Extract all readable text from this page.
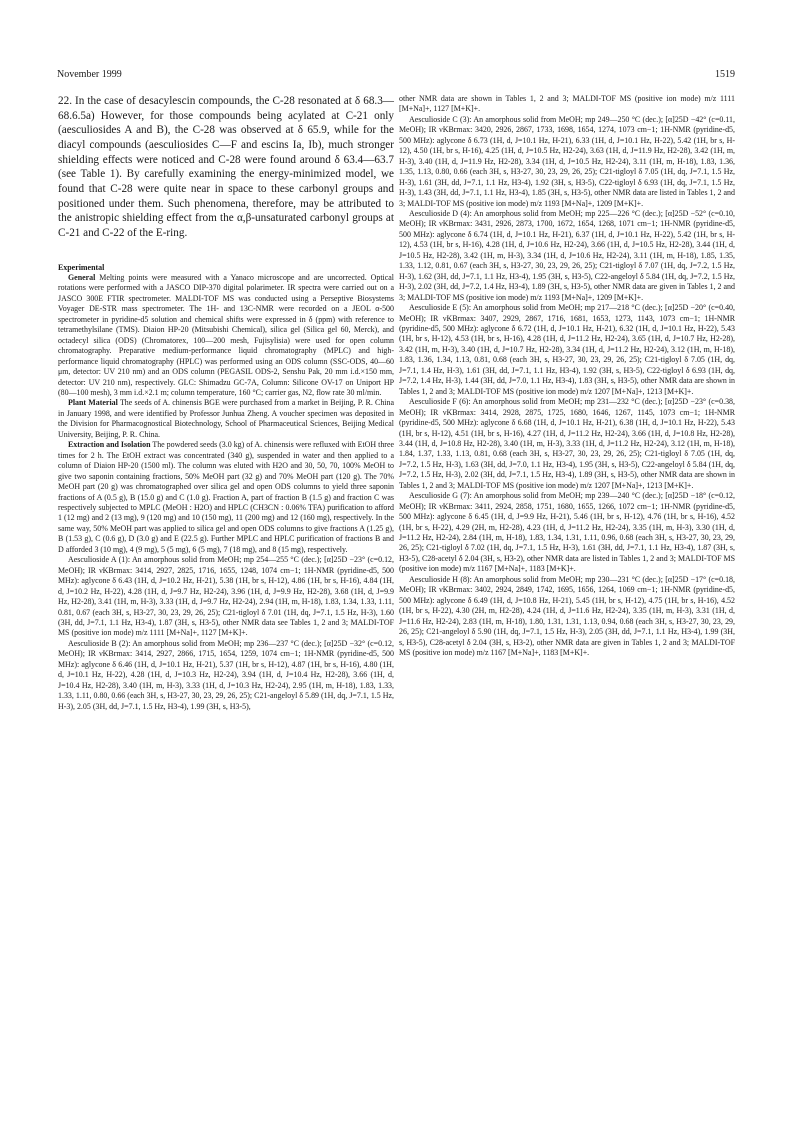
November 1999	1519
22. In the case of desacylescin compounds, the C-28 resonated at δ 68.3—68.6.5a) However, for those compounds being acylated at C-21 only (aesculiosides A and B), the C-28 was observed at δ 65.9, while for the diacyl compounds (aesculiosides C—F and escins Ia, Ib), much stronger shielding effects were noticed and C-28 were found around δ 63.4—63.7 (see Table 1). By carefully examining the energy-minimized model, we found that C-28 were quite near in space to these carbonyl groups and positioned under them. Such phenomena, therefore, may be attributed to the anistropic shielding effect from the α,β-unsaturated carbonyl groups at C-21 and C-22 of the E-ring.
Experimental

General Melting points were measured with a Yanaco microscope and are uncorrected. Optical rotations were performed with a JASCO DIP-370 digital polarimeter. IR spectra were carried out on a JASCO 300E FTIR spectrometer. MALDI-TOF MS was conducted using a Perseptive Biosystems Voyager DE-STR mass spectrometer. The 1H- and 13C-NMR were recorded on a JEOL α-500 spectrometer in pyridine-d5 solution and chemical shifts were expressed in δ (ppm) with reference to tetramethylsilane (TMS). Diaion HP-20 (Mitsubishi Chemical), silica gel (Silica gel 60, Merck), and octadecyl silica (ODS) (Chromatorex, 100—200 mesh, Fujisylisia) were used for open column chromatography. Preparative medium-performance liquid chromatography (MPLC) and high-performance liquid chromatography (HPLC) was performed using an ODS column (SSC-ODS, 40—60 μm, detector: UV 210 nm) and an ODS column (PEGASIL ODS-2, Senshu Pak, 20 mm i.d.×150 mm, detector: UV 210 nm), respectively. GLC: Shimadzu GC-7A, Column: Silicone OV-17 on Uniport HP (80—100 mesh), 3 mm i.d.×2.1 m; column temperature, 160 °C; carrier gas, N2, flow rate 30 ml/min.

Plant Material The seeds of A. chinensis BGE were purchased from a market in Beijing, P. R. China in January 1998, and were identified by Professor Junhua Zheng. A voucher specimen was deposited in the Division for Pharmacognostical Biotechnology, School of Pharmaceutical Sciences, Beijing Medical University, Beijing, P. R. China.

Extraction and Isolation The powdered seeds (3.0 kg) of A. chinensis were refluxed with EtOH three times for 2 h. The EtOH extract was concentrated (340 g), suspended in water and then applied to a column of Diaion HP-20 (1500 ml). The column was eluted with H2O and 30, 50, 70, 100% MeOH to give two saponin containing fractions, 50% MeOH part (32 g) and 70% MeOH part (120 g). The 70% MeOH part (20 g) was chromatographed over silica gel and open ODS columns to yield three saponin fractions of A (0.5 g), B (15.0 g) and C (1.0 g). Fraction A, part of fraction B (1.5 g) and fraction C was respectively subjected to MPLC (MeOH : H2O) and HPLC (CH3CN : 0.06% TFA) purification to afford 1 (12 mg) and 2 (13 mg), 9 (120 mg) and 10 (150 mg), 11 (200 mg) and 12 (160 mg), respectively. In the same way, 50% MeOH part was applied to silica gel and open ODS columns to give fractions A (1.25 g), B (1.53 g), C (0.6 g), D (3.0 g) and E (22.5 g). Further MPLC and HPLC purification of fractions B and D afforded 3 (10 mg), 4 (9 mg), 5 (5 mg), 6 (5 mg), 7 (18 mg), and 8 (15 mg), respectively.

Aesculioside A (1): An amorphous solid from MeOH; mp 254—255 °C (dec.); [α]25D −23° (c=0.12, MeOH); IR νKBrmax: 3414, 2927, 2825, 1716, 1655, 1248, 1074 cm−1; 1H-NMR (pyridine-d5, 500 MHz): aglycone δ 6.43 (1H, d, J=10.2 Hz, H-21), 5.38 (1H, br s, H-12), 4.86 (1H, br s, H-16), 4.84 (1H, d, J=10.2 Hz, H-22), 4.28 (1H, d, J=9.7 Hz, H2-24), 3.96 (1H, d, J=9.9 Hz, H2-28), 3.68 (1H, d, J=9.9 Hz, H2-28), 3.41 (1H, m, H-3), 3.33 (1H, d, J=9.7 Hz, H2-24), 2.94 (1H, m, H-18), 1.83, 1.34, 1.33, 1.11, 0.81, 0.67 (each 3H, s, H3-27, 30, 23, 29, 26, 25); C21-tigloyl δ 7.01 (1H, dq, J=7.1, 1.5 Hz, H-3), 1.60 (3H, dd, J=7.1, 1.1 Hz, H3-4), 1.87 (3H, s, H3-5), other NMR data see Tables 1, 2 and 3; MALDI-TOF MS (positive ion mode) m/z 1111 [M+Na]+, 1127 [M+K]+.

Aesculioside B (2): An amorphous solid from MeOH; mp 236—237 °C (dec.); [α]25D −32° (c=0.12, MeOH); IR νKBrmax: 3414, 2927, 2866, 1715, 1654, 1259, 1074 cm−1; 1H-NMR (pyridine-d5, 500 MHz): aglycone δ 6.46 (1H, d, J=10.1 Hz, H-21), 5.37 (1H, br s, H-12), 4.87 (1H, br s, H-16), 4.80 (1H, d, J=10.1 Hz, H-22), 4.28 (1H, d, J=10.3 Hz, H2-24), 3.94 (1H, d, J=10.4 Hz, H2-28), 3.66 (1H, d, J=10.4 Hz, H2-28), 3.40 (1H, m, H-3), 3.33 (1H, d, J=10.3 Hz, H2-24), 2.95 (1H, m, H-18), 1.83, 1.33, 1.33, 1.11, 0.80, 0.66 (each 3H, s, H3-27, 30, 23, 29, 26, 25); C21-angeloyl δ 5.89 (1H, dq, J=7.1, 1.5 Hz, H-3), 2.05 (3H, dd, J=7.1, 1.5 Hz, H3-4), 1.99 (3H, s, H3-5),

other NMR data are shown in Tables 1, 2 and 3; MALDI-TOF MS (positive ion mode) m/z 1111 [M+Na]+, 1127 [M+K]+.

Aesculioside C (3): An amorphous solid from MeOH; mp 249—250 °C (dec.); [α]25D −42° (c=0.11, MeOH); IR νKBrmax: 3420, 2926, 2867, 1733, 1698, 1654, 1274, 1073 cm−1; 1H-NMR (pyridine-d5, 500 MHz): aglycone δ 6.73 (1H, d, J=10.1 Hz, H-21), 6.33 (1H, d, J=10.1 Hz, H-22), 5.42 (1H, br s, H-12), 4.50 (1H, br s, H-16), 4.25 (1H, d, J=10.5 Hz, H2-24), 3.63 (1H, d, J=11.9 Hz, H2-28), 3.42 (1H, m, H-3), 3.40 (1H, d, J=11.9 Hz, H2-28), 3.34 (1H, d, J=10.5 Hz, H2-24), 3.11 (1H, m, H-18), 1.83, 1.36, 1.35, 1.13, 0.80, 0.66 (each 3H, s, H3-27, 30, 23, 29, 26, 25); C21-tigloyl δ 7.05 (1H, dq, J=7.1, 1.5 Hz, H-3), 1.61 (3H, dd, J=7.1, 1.1 Hz, H3-4), 1.92 (3H, s, H3-5), C22-tigloyl δ 6.93 (1H, dq, J=7.1, 1.5 Hz, H-3), 1.43 (3H, dd, J=7.1, 1.1 Hz, H3-4), 1.85 (3H, s, H3-5), other NMR data are listed in Tables 1, 2 and 3; MALDI-TOF MS (positive ion mode) m/z 1193 [M+Na]+, 1209 [M+K]+.

Aesculioside D (4): An amorphous solid from MeOH; mp 225—226 °C (dec.); [α]25D −52° (c=0.10, MeOH); IR νKBrmax: 3431, 2926, 2873, 1700, 1672, 1654, 1268, 1071 cm−1; 1H-NMR (pyridine-d5, 500 MHz): aglycone δ 6.74 (1H, d, J=10.1 Hz, H-21), 6.37 (1H, d, J=10.1 Hz, H-22), 5.42 (1H, br s, H-12), 4.53 (1H, br s, H-16), 4.28 (1H, d, J=10.6 Hz, H2-24), 3.66 (1H, d, J=10.5 Hz, H2-28), 3.44 (1H, d, J=10.5 Hz, H2-28), 3.42 (1H, m, H-3), 3.34 (1H, d, J=10.6 Hz, H2-24), 3.11 (1H, m, H-18), 1.85, 1.35, 1.33, 1.12, 0.81, 0.67 (each 3H, s, H3-27, 30, 23, 29, 26, 25); C21-tigloyl δ 7.07 (1H, dq, J=7.2, 1.5 Hz, H-3), 1.62 (3H, dd, J=7.1, 1.1 Hz, H3-4), 1.95 (3H, s, H3-5), C22-angeloyl δ 5.84 (1H, dq, J=7.2, 1.5 Hz, H-3), 2.02 (3H, dd, J=7.2, 1.4 Hz, H3-4), 1.89 (3H, s, H3-5), other NMR data are given in Tables 1, 2 and 3; MALDI-TOF MS (positive ion mode) m/z 1193 [M+Na]+, 1209 [M+K]+.

Aesculioside E (5): An amorphous solid from MeOH; mp 217—218 °C (dec.); [α]25D −20° (c=0.40, MeOH); IR νKBrmax: 3407, 2929, 2867, 1716, 1681, 1653, 1273, 1143, 1073 cm−1; 1H-NMR (pyridine-d5, 500 MHz): aglycone δ 6.72 (1H, d, J=10.1 Hz, H-21), 6.32 (1H, d, J=10.1 Hz, H-22), 5.43 (1H, br s, H-12), 4.53 (1H, br s, H-16), 4.28 (1H, d, J=11.2 Hz, H2-24), 3.65 (1H, d, J=10.7 Hz, H2-28), 3.42 (1H, m, H-3), 3.40 (1H, d, J=10.7 Hz, H2-28), 3.34 (1H, d, J=11.2 Hz, H2-24), 3.12 (1H, m, H-18), 1.83, 1.36, 1.34, 1.13, 0.81, 0.68 (each 3H, s, H3-27, 30, 23, 29, 26, 25); C21-tigloyl δ 7.05 (1H, dq, J=7.1, 1.4 Hz, H-3), 1.61 (3H, dd, J=7.1, 1.1 Hz, H3-4), 1.92 (3H, s, H3-5), C22-tigloyl δ 6.93 (1H, dq, J=7.2, 1.4 Hz, H-3), 1.44 (3H, dd, J=7.0, 1.1 Hz, H3-4), 1.83 (3H, s, H3-5), other NMR data are shown in Tables 1, 2 and 3; MALDI-TOF MS (positive ion mode) m/z 1207 [M+Na]+, 1213 [M+K]+.

Aesculioside F (6): An amorphous solid from MeOH; mp 231—232 °C (dec.); [α]25D −23° (c=0.38, MeOH); IR νKBrmax: 3414, 2928, 2875, 1725, 1680, 1646, 1267, 1145, 1073 cm−1; 1H-NMR (pyridine-d5, 500 MHz): aglycone δ 6.68 (1H, d, J=10.1 Hz, H-21), 6.38 (1H, d, J=10.1 Hz, H-22), 5.43 (1H, br s, H-12), 4.51 (1H, br s, H-16), 4.27 (1H, d, J=11.2 Hz, H2-24), 3.66 (1H, d, J=10.8 Hz, H2-28), 3.44 (1H, d, J=10.8 Hz, H2-28), 3.40 (1H, m, H-3), 3.33 (1H, d, J=11.2 Hz, H2-24), 3.12 (1H, m, H-18), 1.84, 1.37, 1.33, 1.13, 0.81, 0.68 (each 3H, s, H3-27, 30, 23, 29, 26, 25); C21-tigloyl δ 7.05 (1H, dq, J=7.2, 1.5 Hz, H-3), 1.63 (3H, dd, J=7.0, 1.1 Hz, H3-4), 1.95 (3H, s, H3-5), C22-angeloyl δ 5.84 (1H, dq, J=7.2, 1.5 Hz, H-3), 2.02 (3H, dd, J=7.1, 1.5 Hz, H3-4), 1.89 (3H, s, H3-5), other NMR data are shown in Tables 1, 2 and 3; MALDI-TOF MS (positive ion mode) m/z 1207 [M+Na]+, 1213 [M+K]+.

Aesculioside G (7): An amorphous solid from MeOH; mp 239—240 °C (dec.); [α]25D −18° (c=0.12, MeOH); IR νKBrmax: 3411, 2924, 2858, 1751, 1680, 1655, 1266, 1072 cm−1; 1H-NMR (pyridine-d5, 500 MHz): aglycone δ 6.45 (1H, d, J=9.9 Hz, H-21), 5.46 (1H, br s, H-12), 4.76 (1H, br s, H-16), 4.52 (1H, br s, H-22), 4.29 (2H, m, H2-28), 4.23 (1H, d, J=11.2 Hz, H2-24), 3.35 (1H, m, H-3), 3.30 (1H, d, J=11.2 Hz, H2-24), 2.84 (1H, m, H-18), 1.83, 1.34, 1.31, 1.11, 0.96, 0.68 (each 3H, s, H3-27, 30, 23, 29, 26, 25); C21-tigloyl δ 7.02 (1H, dq, J=7.1, 1.5 Hz, H-3), 1.61 (3H, dd, J=7.1, 1.1 Hz, H3-4), 1.87 (3H, s, H3-5), C28-acetyl δ 2.04 (3H, s, H3-2), other NMR data are listed in Tables 1, 2 and 3; MALDI-TOF MS (positive ion mode) m/z 1167 [M+Na]+, 1183 [M+K]+.

Aesculioside H (8): An amorphous solid from MeOH; mp 230—231 °C (dec.); [α]25D −17° (c=0.18, MeOH); IR νKBrmax: 3402, 2924, 2849, 1742, 1695, 1656, 1264, 1069 cm−1; 1H-NMR (pyridine-d5, 500 MHz): aglycone δ 6.49 (1H, d, J=10.8 Hz, H-21), 5.45 (1H, br s, H-12), 4.75 (1H, br s, H-16), 4.52 (1H, br s, H-22), 4.30 (2H, m, H2-28), 4.24 (1H, d, J=11.6 Hz, H2-24), 3.35 (1H, m, H-3), 3.31 (1H, d, J=11.6 Hz, H2-24), 2.83 (1H, m, H-18), 1.80, 1.31, 1.31, 1.13, 0.94, 0.68 (each 3H, s, H3-27, 30, 23, 29, 26, 25); C21-angeloyl δ 5.90 (1H, dq, J=7.1, 1.5 Hz, H-3), 2.05 (3H, dd, J=7.1, 1.1 Hz, H3-4), 1.99 (3H, s, H3-5), C28-acetyl δ 2.04 (3H, s, H3-2), other NMR data are given in Tables 1, 2 and 3; MALDI-TOF MS (positive ion mode) m/z 1167 [M+Na]+, 1183 [M+K]+.
